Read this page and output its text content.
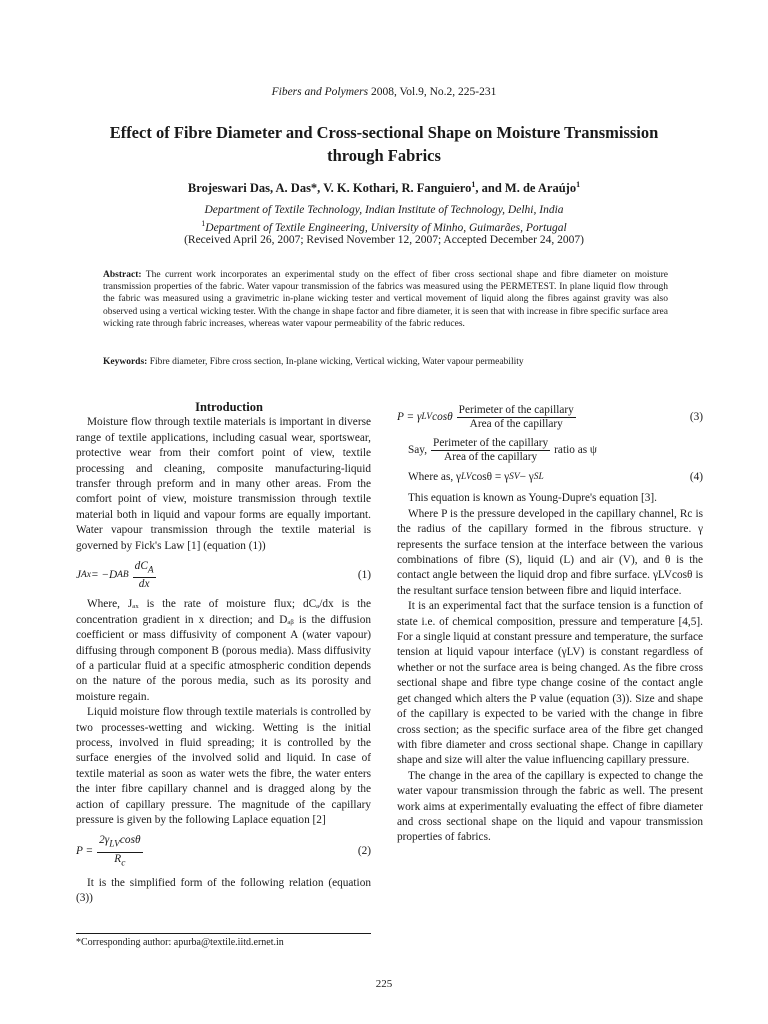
Fibers and Polymers 2008, Vol.9, No.2, 225-231
Effect of Fibre Diameter and Cross-sectional Shape on Moisture Transmission through Fabrics
Brojeswari Das, A. Das*, V. K. Kothari, R. Fanguiero$^1$, and M. de Araújo$^1$
Department of Textile Technology, Indian Institute of Technology, Delhi, India
$^1$Department of Textile Engineering, University of Minho, Guimarães, Portugal
(Received April 26, 2007; Revised November 12, 2007; Accepted December 24, 2007)
Abstract: The current work incorporates an experimental study on the effect of fiber cross sectional shape and fibre diameter on moisture transmission properties of the fabric. Water vapour transmission of the fabrics was measured using the PERMETEST. In plane liquid flow through the fabric was measured using a gravimetric in-plane wicking tester and vertical movement of liquid along the fibres against gravity was also observed using a vertical wicking tester. With the change in shape factor and fibre diameter, it is seen that with increase in fibre specific surface area wicking rate through fabric increases, whereas water vapour permeability of the fabric reduces.
Keywords: Fibre diameter, Fibre cross section, In-plane wicking, Vertical wicking, Water vapour permeability

Introduction

Moisture flow through textile materials is important in diverse range of textile applications, including casual wear, sportswear, protective wear from their comfort point of view, textile processing and cleaning, composite manufacturing-liquid transfer through preform and in many other areas. From the comfort point of view, moisture transmission through textile material both in liquid and vapour forms are equally important. Water vapour transmission through the textile material is governed by Fick's Law [1] (equation (1))

J Ax = −D AB $\frac{dC_A}{dx}$	(1)

Where, Jₐₓ is the rate of moisture flux; dCₐ/dx is the concentration gradient in x direction; and Dₐᵦ is the diffusion coefficient or mass diffusivity of component A (water vapour) diffusing through component B (porous media). Mass diffusivity of a particular fluid at a specific atmospheric condition depends on the nature of the porous media, such as its porosity and moisture regain.

Liquid moisture flow through textile materials is controlled by two processes-wetting and wicking. Wetting is the initial process, involved in fluid spreading; it is controlled by the surface energies of the involved solid and liquid. In case of textile material as soon as water wets the fibre, the water enters the inter fibre capillary channel and is dragged along by the action of capillary pressure. The magnitude of the capillary pressure is given by the following Laplace equation [2]

$P = \frac{2\gamma_{LV}\cos\theta}{R_c}$	(2)

It is the simplified form of the following relation (equation (3))

P = γ LV cosθ $\frac{\text{Perimeter of the capillary}}{\text{Area of the capillary}}$	(3)
Say, $\frac{\text{Perimeter of the capillary}}{\text{Area of the capillary}}$ ratio as ψ
Where as, γ LV cosθ = γ SV − γ SL	(4)

This equation is known as Young-Dupre's equation [3].

Where P is the pressure developed in the capillary channel, Rc is the radius of the capillary formed in the fibrous structure. γ represents the surface tension at the interface between the various combinations of fibre (S), liquid (L) and air (V), and θ is the contact angle between the liquid drop and fibre surface. γLVcosθ is the resultant surface tension between fibre and liquid interface.

It is an experimental fact that the surface tension is a function of state i.e. of chemical composition, pressure and temperature [4,5]. For a single liquid at constant pressure and temperature, the surface tension at liquid vapour interface (γLV) is constant regardless of whether or not the surface area is being changed. As the fibre cross sectional shape and fibre type change cosine of the contact angle get changed which alters the P value (equation (3)). Size and shape of the capillary is expected to be varied with the change in fibre cross section; as the specific surface area of the fibre get changed with fibre diameter and cross sectional shape. Change in capillary shape and size will alter the value influencing capillary pressure.

The change in the area of the capillary is expected to change the water vapour transmission through the fabric as well. The present work aims at experimentally evaluating the effect of fibre diameter and cross sectional shape on the liquid and vapour transmission properties of fabrics.

*Corresponding author: apurba@textile.iitd.ernet.in
225
